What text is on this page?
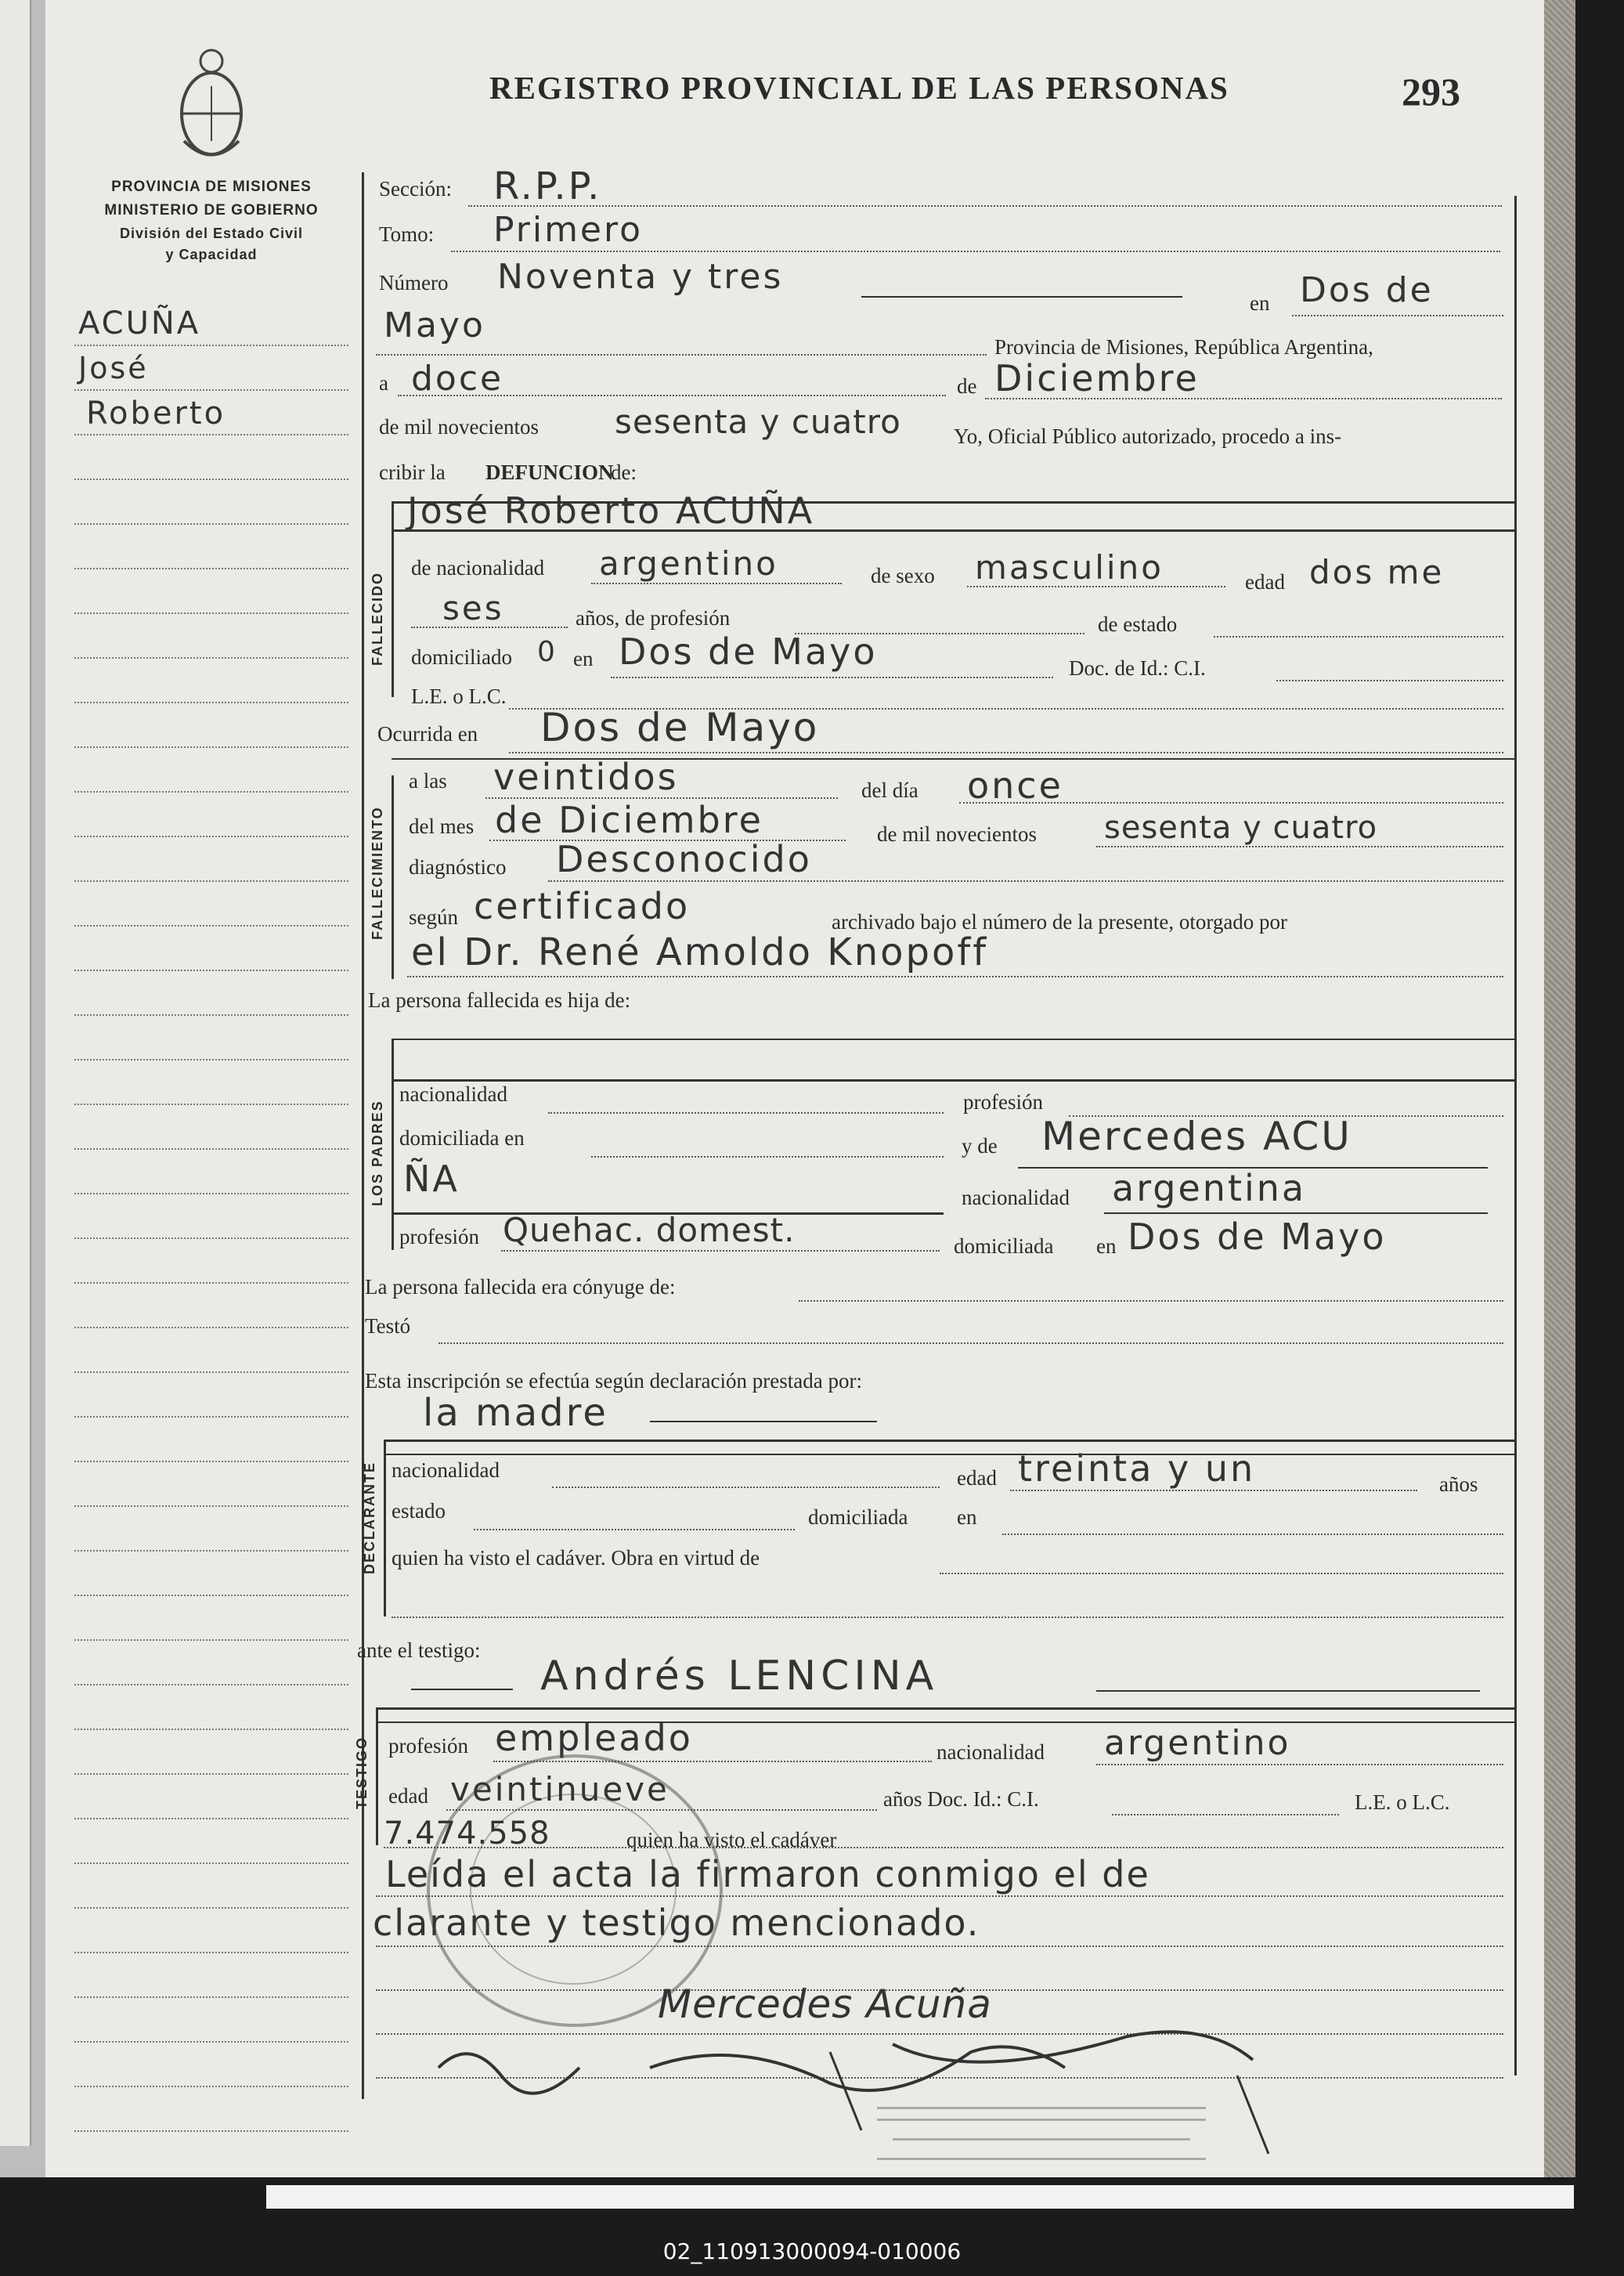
REGISTRO PROVINCIAL DE LAS PERSONAS	293
PROVINCIA DE MISIONES
MINISTERIO DE GOBIERNO
División del Estado Civil
y Capacidad
ACUÑA
José
Roberto
Sección: R.P.P.
Tomo: Primero
Número Noventa y tres
en Dos de
Mayo
Provincia de Misiones, República Argentina,
a doce	de Diciembre
de mil novecientos sesenta y cuatro Yo, Oficial Público autorizado, procedo a ins-
cribir la DEFUNCION
de:
FALLECIDO
José Roberto ACUÑA
de nacionalidad argentino	de sexo masculino	edad dos me
ses	años, de profesión	de estado
domiciliado 0 en Dos de Mayo	Doc. de Id.: C.I.
L.E. o L.C.
Ocurrida en Dos de Mayo
FALLECIMIENTO
a las veintidos	del día once
del mes de Diciembre	de mil novecientos sesenta y cuatro
diagnóstico Desconocido
según certificado	archivado bajo el número de la presente, otorgado por
el Dr. René Amoldo Knopoff
La persona fallecida es hija de:
LOS PADRES
nacionalidad	profesión
domiciliada en	y de Mercedes ACU
ÑA	nacionalidad argentina
profesión Quehac. domest.	domiciliada en Dos de Mayo
La persona fallecida era cónyuge de:
Testó
Esta inscripción se efectúa según declaración prestada por:
la madre
DECLARANTE nacionalidad	edad treinta y un	años
estado	domiciliada en
quien ha visto el cadáver. Obra en virtud de
ante el testigo:
Andrés LENCINA
TESTIGO profesión empleado	nacionalidad argentino
edad veintinueve	años Doc. Id.: C.I.	L.E. o L.C.
7.474.558	quien ha visto el cadáver
Leída el acta la firmaron conmigo el de
clarante y testigo mencionado.
Mercedes Acuña
02_110913000094-010006
